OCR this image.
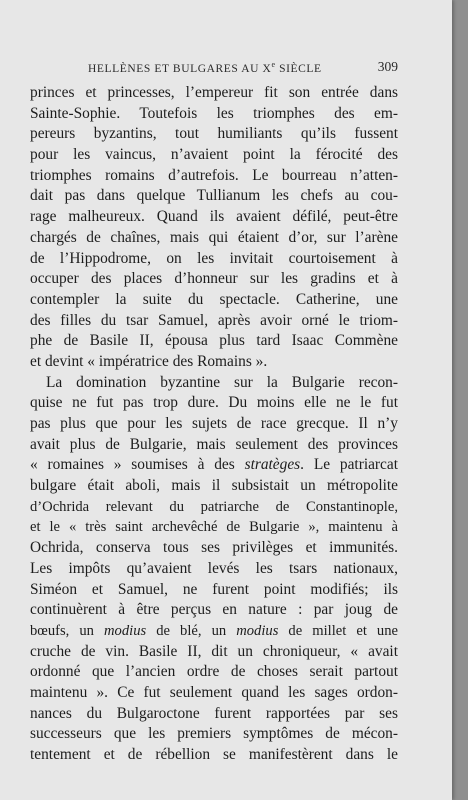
HELLÈNES ET BULGARES AU Xe SIÈCLE	309
princes et princesses, l’empereur fit son entrée dans
Sainte-Sophie. Toutefois les triomphes des em-
pereurs byzantins, tout humiliants qu’ils fussent
pour les vaincus, n’avaient point la férocité des
triomphes romains d’autrefois. Le bourreau n’atten-
dait pas dans quelque Tullianum les chefs au cou-
rage malheureux. Quand ils avaient défilé, peut-être
chargés de chaînes, mais qui étaient d’or, sur l’arène
de l’Hippodrome, on les invitait courtoisement à
occuper des places d’honneur sur les gradins et à
contempler la suite du spectacle. Catherine, une
des filles du tsar Samuel, après avoir orné le triom-
phe de Basile II, épousa plus tard Isaac Commène
et devint « impératrice des Romains ».
La domination byzantine sur la Bulgarie recon-
quise ne fut pas trop dure. Du moins elle ne le fut
pas plus que pour les sujets de race grecque. Il n’y
avait plus de Bulgarie, mais seulement des provinces
« romaines » soumises à des stratèges. Le patriarcat
bulgare était aboli, mais il subsistait un métropolite
d’Ochrida relevant du patriarche de Constantinople,
et le « très saint archevêché de Bulgarie », maintenu à
Ochrida, conserva tous ses privilèges et immunités.
Les impôts qu’avaient levés les tsars nationaux,
Siméon et Samuel, ne furent point modifiés; ils
continuèrent à être perçus en nature : par joug de
bœufs, un modius de blé, un modius de millet et une
cruche de vin. Basile II, dit un chroniqueur, « avait
ordonné que l’ancien ordre de choses serait partout
maintenu ». Ce fut seulement quand les sages ordon-
nances du Bulgaroctone furent rapportées par ses
successeurs que les premiers symptômes de mécon-
tentement et de rébellion se manifestèrent dans le
